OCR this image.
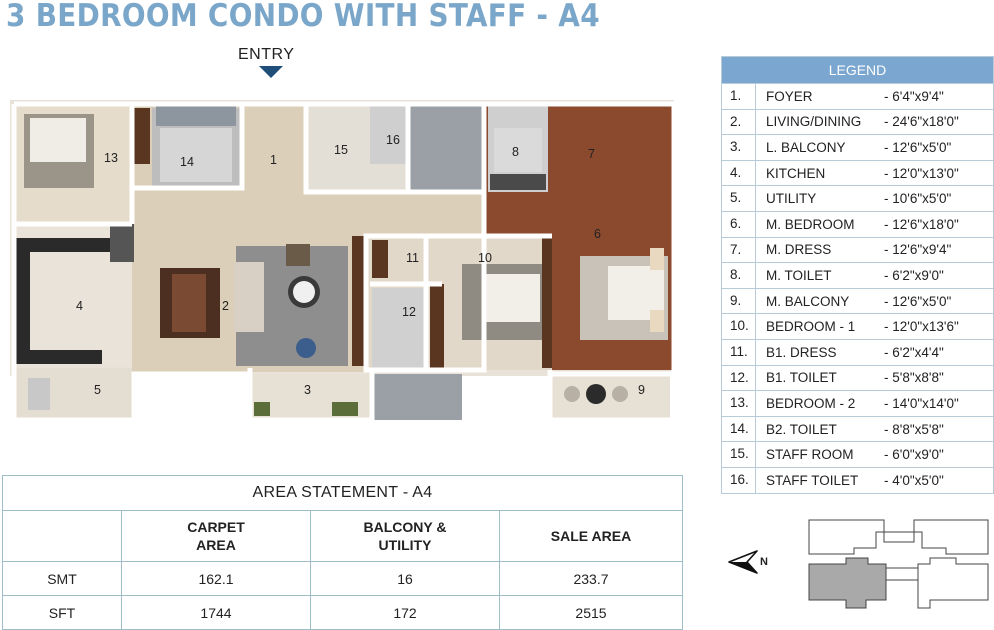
3 BEDROOM CONDO WITH STAFF - A4
ENTRY
1
2
3
4
5
6
7
8
9
10
11
12
13	14
15
16
LEGEND
1.	FOYER	- 6'4"x9'4"
2.	LIVING/DINING	- 24'6"x18'0"
3.	L. BALCONY	- 12'6"x5'0"
4.	KITCHEN	- 12'0"x13'0"
5.	UTILITY	- 10'6"x5'0"
6.	M. BEDROOM	- 12'6"x18'0"
7.	M. DRESS	- 12'6"x9'4"
8.	M. TOILET	- 6'2"x9'0"
9.	M. BALCONY	- 12'6"x5'0"
10.	BEDROOM - 1	- 12'0"x13'6"
11.	B1. DRESS	- 6'2"x4'4"
12.	B1. TOILET	- 5'8"x8'8"
13.	BEDROOM - 2	- 14'0"x14'0"
14.	B2. TOILET	- 8'8"x5'8"
15.	STAFF ROOM	- 6'0"x9'0"
16.	STAFF TOILET	- 4'0"x5'0"
AREA STATEMENT - A4			
	CARPET AREA	BALCONY & UTILITY	SALE AREA
SMT	162.1	16	233.7
SFT	1744	172	2515
N
